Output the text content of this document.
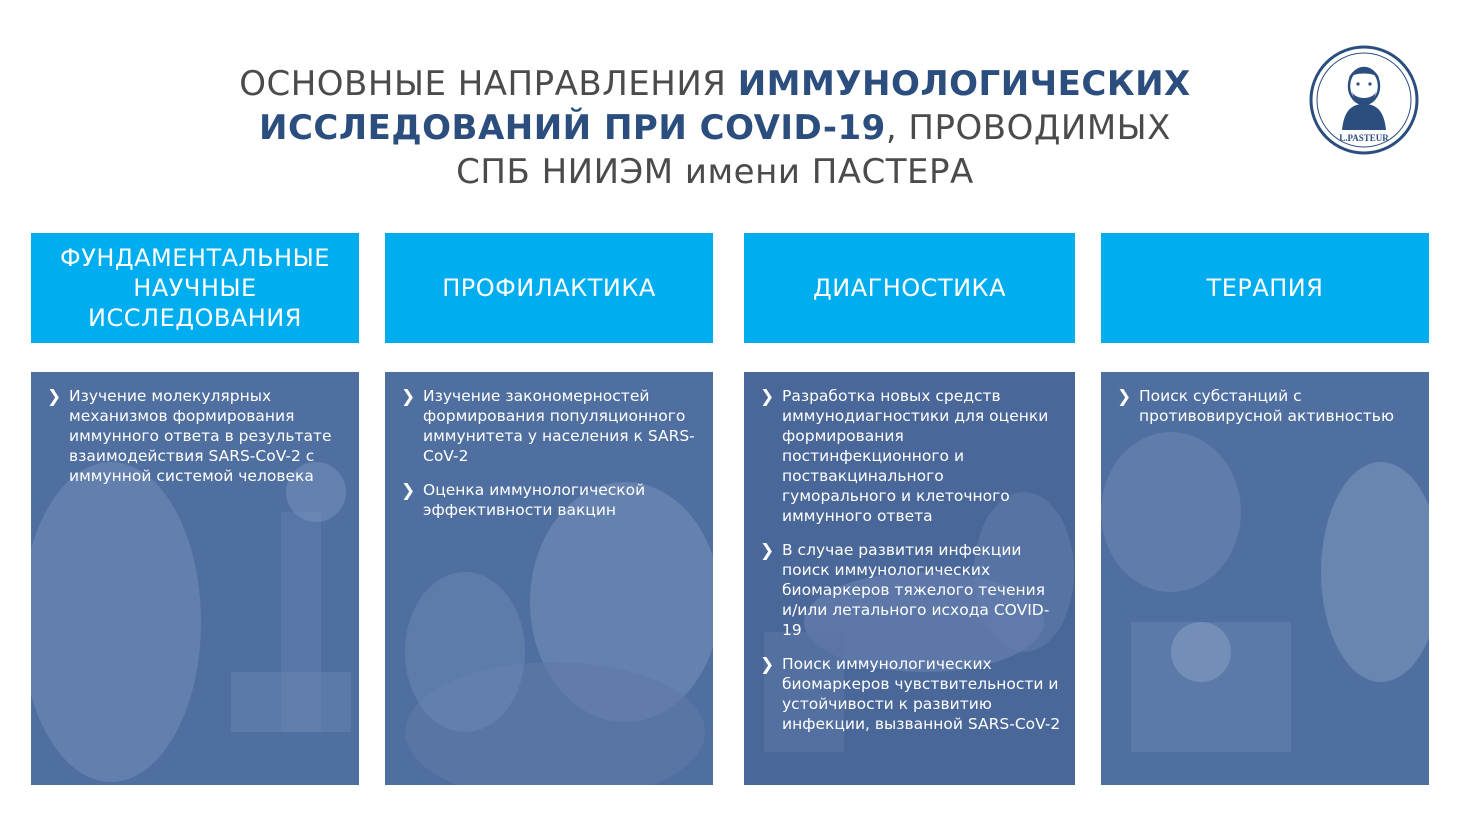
ОСНОВНЫЕ НАПРАВЛЕНИЯ ИММУНОЛОГИЧЕСКИХ ИССЛЕДОВАНИЙ ПРИ COVID-19, ПРОВОДИМЫХ
СПБ НИИЭМ имени ПАСТЕРА
L.PASTEUR
ФУНДАМЕНТАЛЬНЫЕ НАУЧНЫЕ ИССЛЕДОВАНИЯ
ПРОФИЛАКТИКА	ДИАГНОСТИКА	ТЕРАПИЯ
❯ Изучение молекулярных механизмов формирования иммунного ответа в результате взаимодействия SARS-CoV-2 с иммунной системой человека
❯ Изучение закономерностей формирования популяционного иммунитета у населения к SARS-CoV-2
❯ Оценка иммунологической эффективности вакцин
❯ Разработка новых средств иммунодиагностики для оценки формирования постинфекционного и поствакцинального гуморального и клеточного иммунного ответа
❯ В случае развития инфекции поиск иммунологических биомаркеров тяжелого течения и/или летального исхода COVID-19
❯ Поиск иммунологических биомаркеров чувствительности и устойчивости к развитию инфекции, вызванной SARS-CoV-2
❯ Поиск субстанций с противовирусной активностью
